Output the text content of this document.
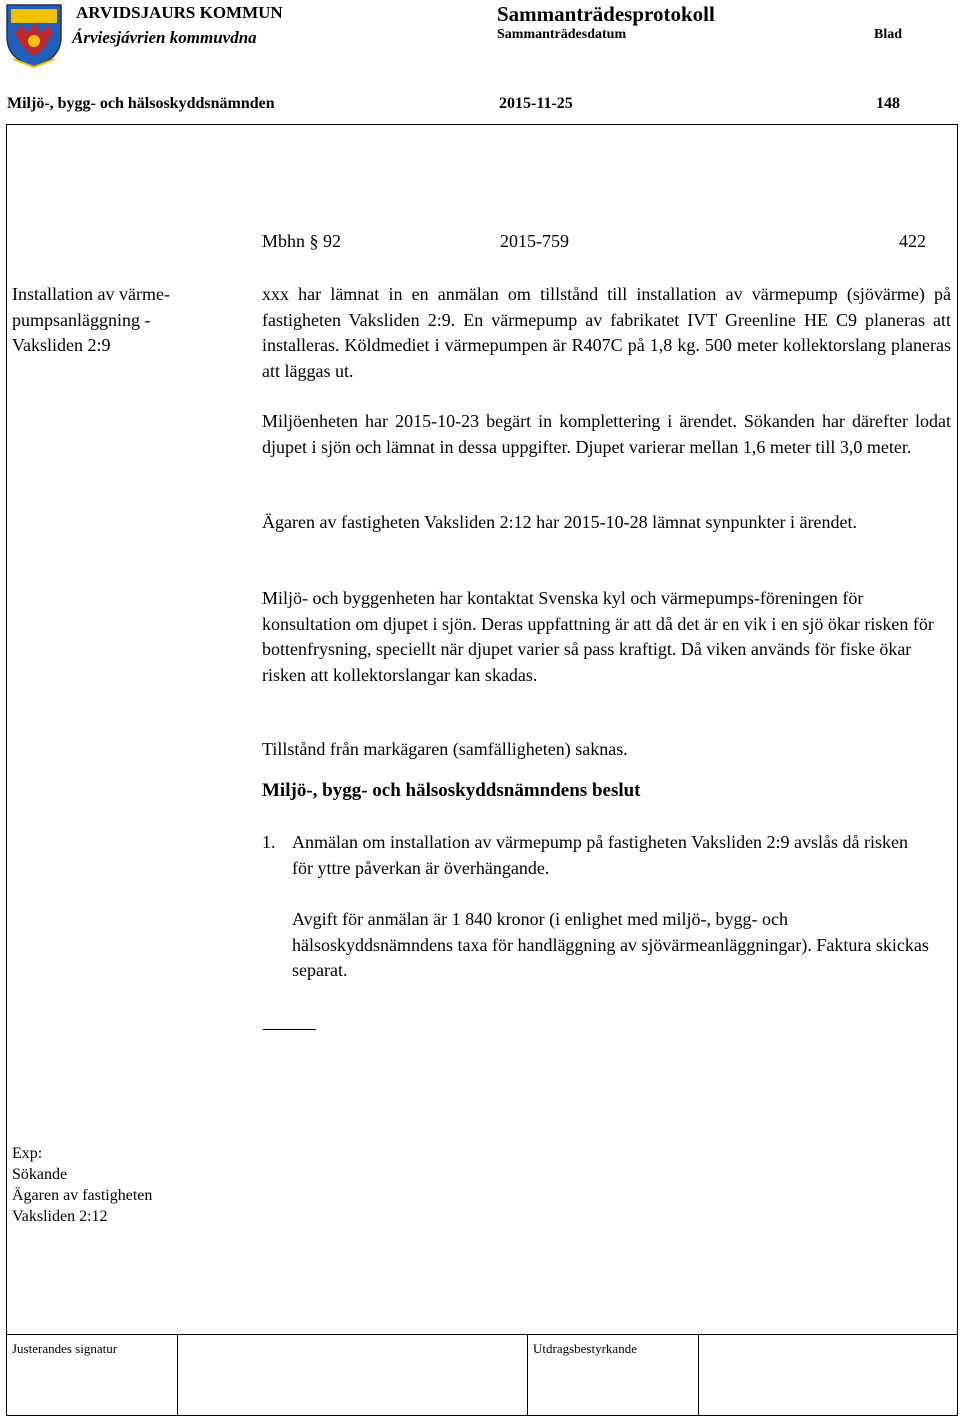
ARVIDSJAURS KOMMUN
Árviesjávrien kommuvdna
Sammanträdesprotokoll
Sammanträdesdatum	Blad
Miljö-, bygg- och hälsoskyddsnämnden	2015-11-25	148
Mbhn § 92	2015-759	422
Installation av värme-
pumpsanläggning -
Vaksliden 2:9

xxx har lämnat in en anmälan om tillstånd till installation av värmepump (sjövärme) på fastigheten Vaksliden 2:9. En värmepump av fabrikatet IVT Greenline HE C9 planeras att installeras. Köldmediet i värmepumpen är R407C på 1,8 kg. 500 meter kollektorslang planeras att läggas ut.

Miljöenheten har 2015-10-23 begärt in komplettering i ärendet. Sökanden har därefter lodat djupet i sjön och lämnat in dessa uppgifter. Djupet varierar mellan 1,6 meter till 3,0 meter.

Ägaren av fastigheten Vaksliden 2:12 har 2015-10-28 lämnat synpunkter i ärendet.

Miljö- och byggenheten har kontaktat Svenska kyl och värmepumps-föreningen för konsultation om djupet i sjön. Deras uppfattning är att då det är en vik i en sjö ökar risken för bottenfrysning, speciellt när djupet varier så pass kraftigt. Då viken används för fiske ökar risken att kollektorslangar kan skadas.

Tillstånd från markägaren (samfälligheten) saknas.

Miljö-, bygg- och hälsoskyddsnämndens beslut
1. Anmälan om installation av värmepump på fastigheten Vaksliden 2:9 avslås då risken för yttre påverkan är överhängande.

Avgift för anmälan är 1 840 kronor (i enlighet med miljö-, bygg- och hälsoskyddsnämndens taxa för handläggning av sjövärmeanläggningar). Faktura skickas separat.

Exp:
Sökande
Ägaren av fastigheten
Vaksliden 2:12
Justerandes signatur	Utdragsbestyrkande
